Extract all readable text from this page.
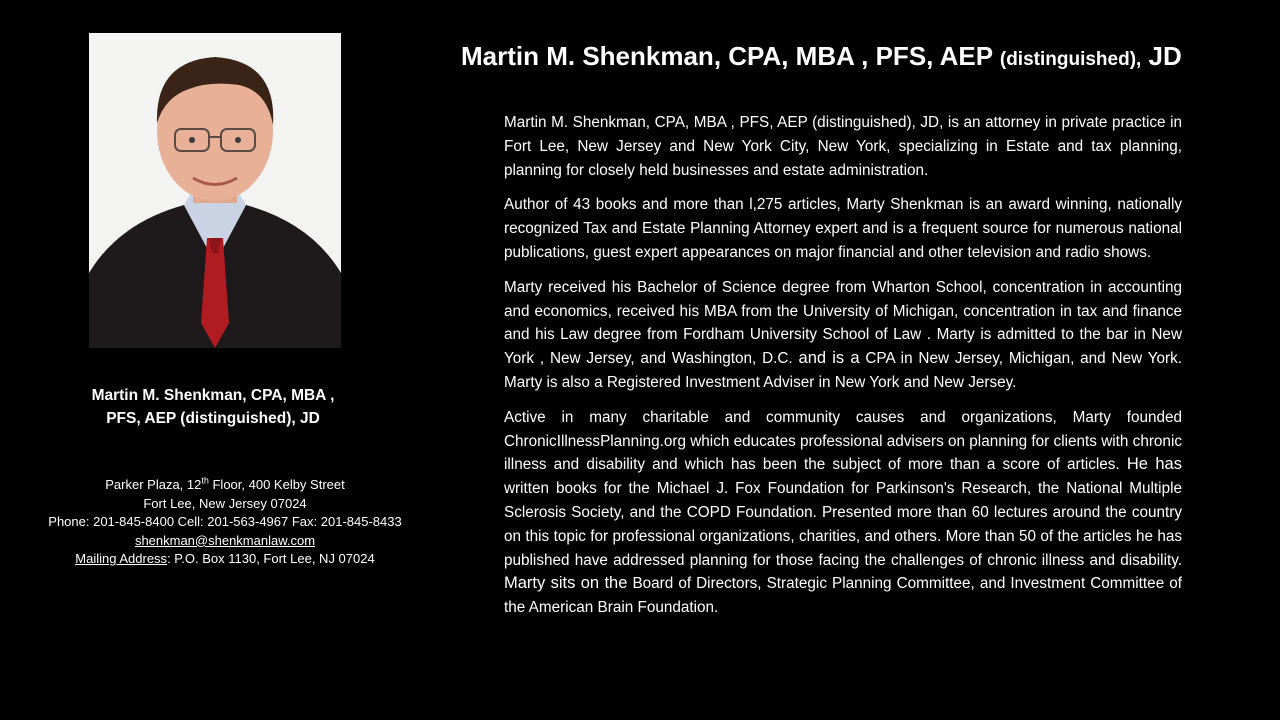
Martin M. Shenkman, CPA, MBA ,
PFS, AEP (distinguished), JD
Parker Plaza, 12th Floor, 400 Kelby Street
Fort Lee, New Jersey 07024
Phone: 201-845-8400 Cell: 201-563-4967 Fax: 201-845-8433
shenkman@shenkmanlaw.com
Mailing Address: P.O. Box 1130, Fort Lee, NJ 07024
Martin M. Shenkman, CPA, MBA , PFS, AEP (distinguished), JD

Martin M. Shenkman, CPA, MBA , PFS, AEP (distinguished), JD, is an attorney in private practice in Fort Lee, New Jersey and New York City, New York, specializing in Estate and tax planning, planning for closely held businesses and estate administration.

Author of 43 books and more than l,275 articles, Marty Shenkman is an award winning, nationally recognized Tax and Estate Planning Attorney expert and is a frequent source for numerous national publications, guest expert appearances on major financial and other television and radio shows.

Marty received his Bachelor of Science degree from Wharton School, concentration in accounting and economics, received his MBA from the University of Michigan, concentration in tax and finance and his Law degree from Fordham University School of Law . Marty is admitted to the bar in New York , New Jersey, and Washington, D.C. and is a CPA in New Jersey, Michigan, and New York. Marty is also a Registered Investment Adviser in New York and New Jersey.

Active in many charitable and community causes and organizations, Marty founded ChronicIllnessPlanning.org which educates professional advisers on planning for clients with chronic illness and disability and which has been the subject of more than a score of articles. He has written books for the Michael J. Fox Foundation for Parkinson's Research, the National Multiple Sclerosis Society, and the COPD Foundation. Presented more than 60 lectures around the country on this topic for professional organizations, charities, and others. More than 50 of the articles he has published have addressed planning for those facing the challenges of chronic illness and disability. Marty sits on the Board of Directors, Strategic Planning Committee, and Investment Committee of the American Brain Foundation.
